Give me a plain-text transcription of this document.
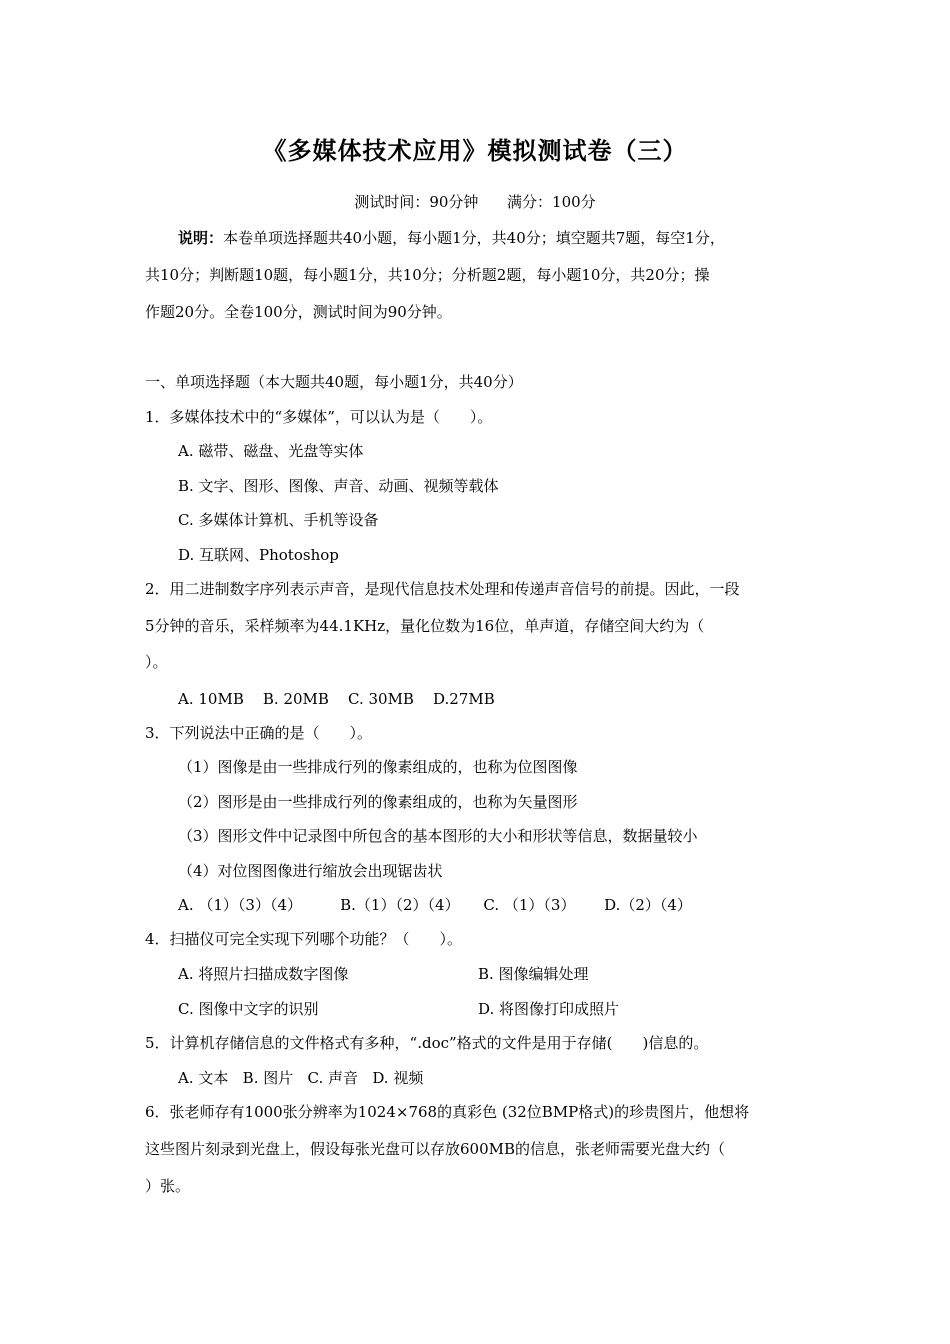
《多媒体技术应用》模拟测试卷（三）
测试时间：90分钟      满分：100分
说明：本卷单项选择题共40小题，每小题1分，共40分；填空题共7题，每空1分，
共10分；判断题10题，每小题1分，共10分；分析题2题，每小题10分，共20分；操
作题20分。全卷100分，测试时间为90分钟。
一、单项选择题（本大题共40题，每小题1分，共40分）
1．多媒体技术中的“多媒体”，可以认为是（　　）。
A. 磁带、磁盘、光盘等实体
B. 文字、图形、图像、声音、动画、视频等载体
C. 多媒体计算机、手机等设备
D. 互联网、Photoshop
2．用二进制数字序列表示声音，是现代信息技术处理和传递声音信号的前提。因此，一段
5分钟的音乐，采样频率为44.1KHz，量化位数为16位，单声道，存储空间大约为（
）。
A. 10MB    B. 20MB    C. 30MB    D.27MB
3．下列说法中正确的是（　　）。
（1）图像是由一些排成行列的像素组成的，也称为位图图像
（2）图形是由一些排成行列的像素组成的，也称为矢量图形
（3）图形文件中记录图中所包含的基本图形的大小和形状等信息，数据量较小
（4）对位图图像进行缩放会出现锯齿状
A. （1）（3）（4）        B.（1）（2）（4）     C. （1）（3）      D.（2）（4）
4．扫描仪可完全实现下列哪个功能？（　　）。
A. 将照片扫描成数字图像	B. 图像编辑处理
C. 图像中文字的识别	D. 将图像打印成照片
5．计算机存储信息的文件格式有多种，“.doc”格式的文件是用于存储(　　)信息的。
A. 文本   B. 图片   C. 声音   D. 视频
6．张老师存有1000张分辨率为1024×768的真彩色 (32位BMP格式)的珍贵图片，他想将
这些图片刻录到光盘上，假设每张光盘可以存放600MB的信息，张老师需要光盘大约（
）张。
